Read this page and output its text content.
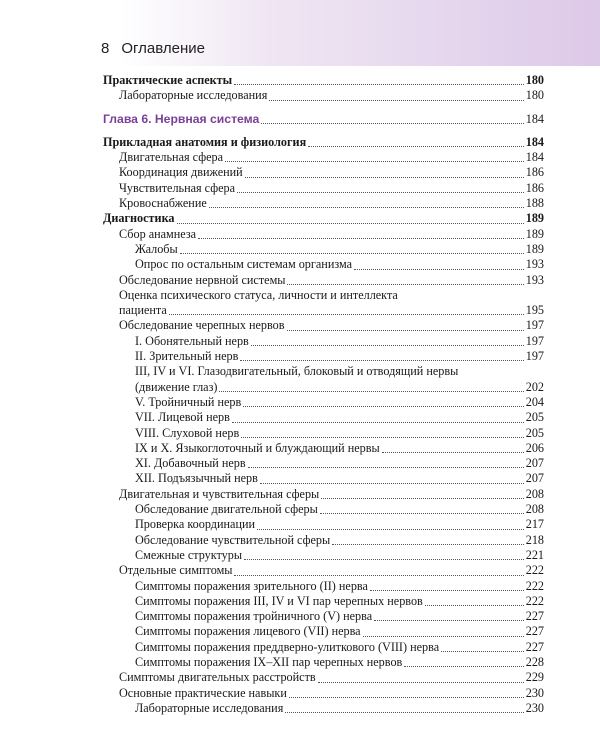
8 Оглавление
Практические аспекты	180
Лабораторные исследования	180
Глава 6. Нервная система	184
Прикладная анатомия и физиология	184
Двигательная сфера	184
Координация движений	186
Чувствительная сфера	186
Кровоснабжение	188
Диагностика	189
Сбор анамнеза	189
Жалобы	189
Опрос по остальным системам организма	193
Обследование нервной системы	193
Оценка психического статуса, личности и интеллекта
пациента	195
Обследование черепных нервов	197
I. Обонятельный нерв	197
II. Зрительный нерв	197
III, IV и VI. Глазодвигательный, блоковый и отводящий нервы
(движение глаз)	202
V. Тройничный нерв	204
VII. Лицевой нерв	205
VIII. Слуховой нерв	205
IX и X. Языкоглоточный и блуждающий нервы	206
XI. Добавочный нерв	207
XII. Подъязычный нерв	207
Двигательная и чувствительная сферы	208
Обследование двигательной сферы	208
Проверка координации	217
Обследование чувствительной сферы	218
Смежные структуры	221
Отдельные симптомы	222
Симптомы поражения зрительного (II) нерва	222
Симптомы поражения III, IV и VI пар черепных нервов	222
Симптомы поражения тройничного (V) нерва	227
Симптомы поражения лицевого (VII) нерва	227
Симптомы поражения преддверно-улиткового (VIII) нерва	227
Симптомы поражения IX–XII пар черепных нервов	228
Симптомы двигательных расстройств	229
Основные практические навыки	230
Лабораторные исследования	230
